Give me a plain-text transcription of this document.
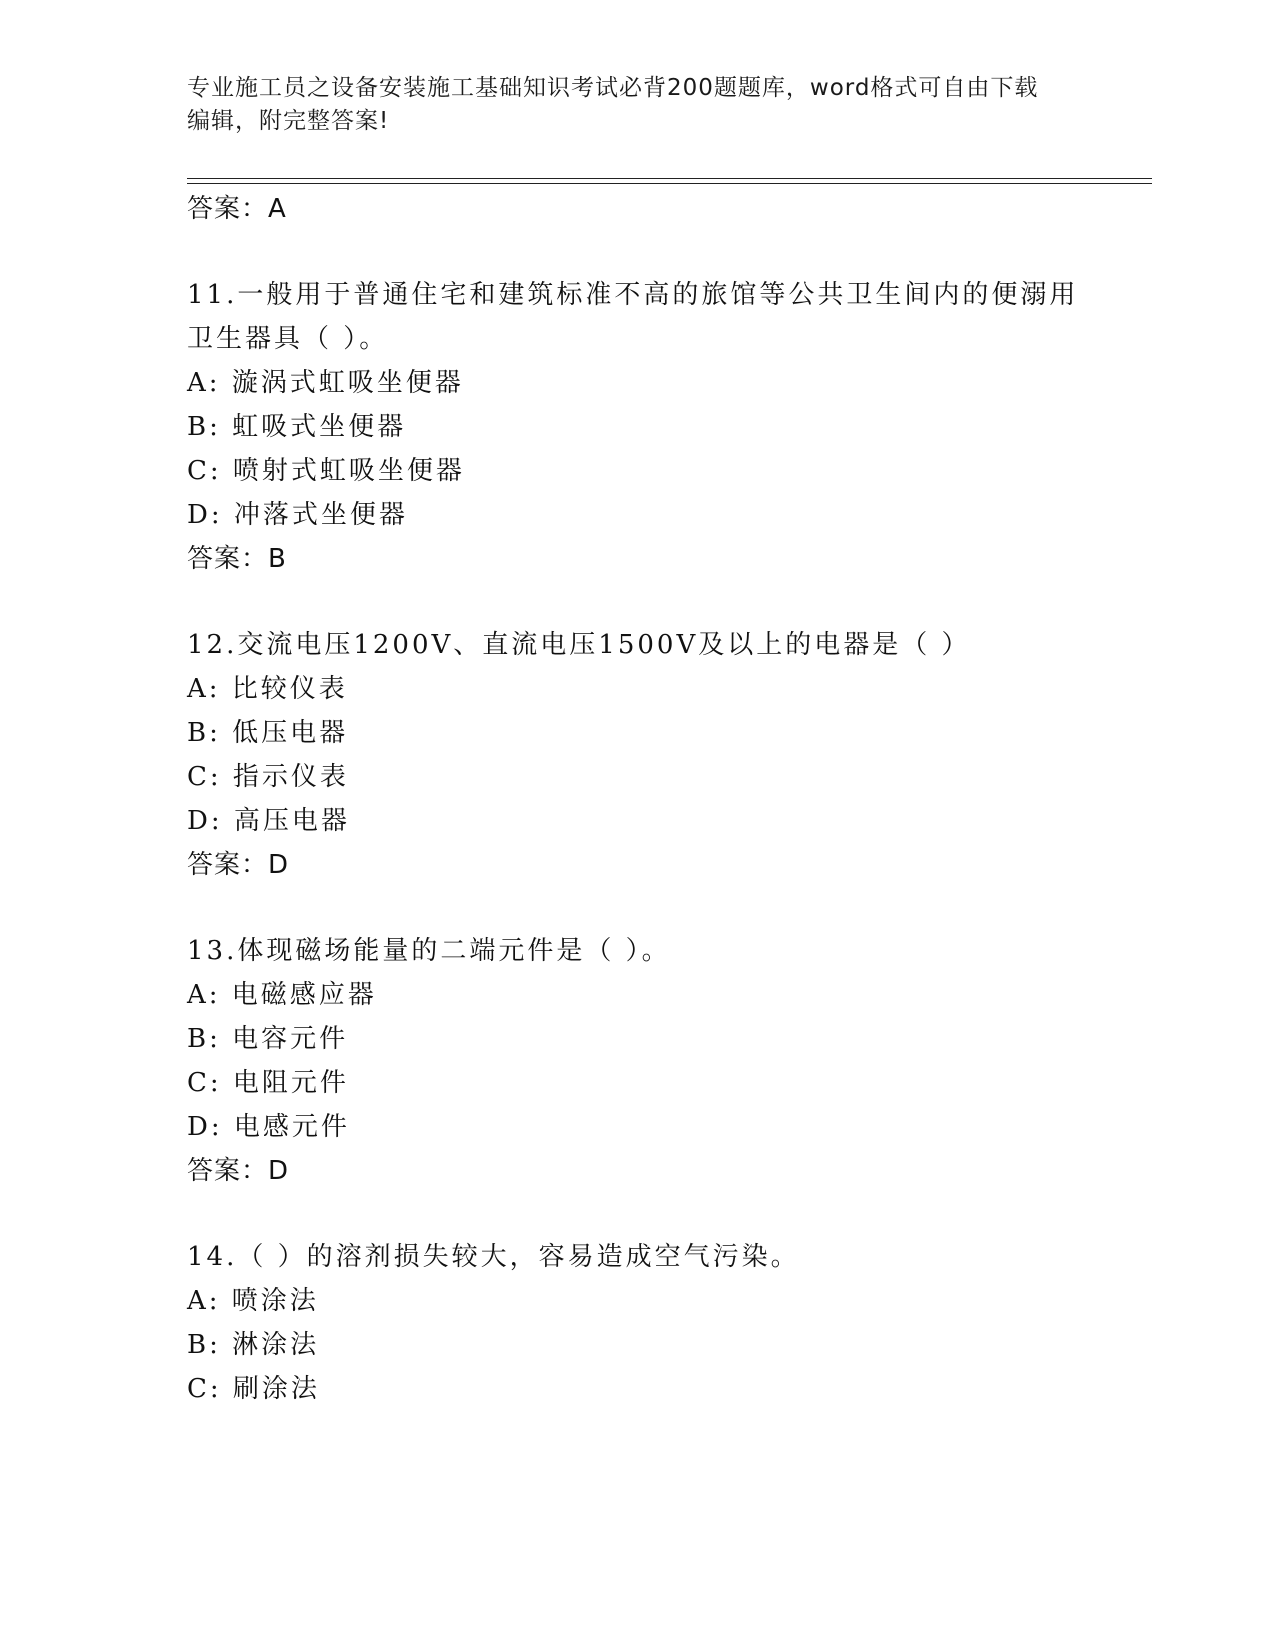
专业施工员之设备安装施工基础知识考试必背200题题库，word格式可自由下载
编辑，附完整答案!
答案：A
11.一般用于普通住宅和建筑标准不高的旅馆等公共卫生间内的便溺用
卫生器具（ ）。
A: 漩涡式虹吸坐便器
B: 虹吸式坐便器
C: 喷射式虹吸坐便器
D: 冲落式坐便器
答案：B
12.交流电压1200V、直流电压1500V及以上的电器是（ ）
A: 比较仪表
B: 低压电器
C: 指示仪表
D: 高压电器
答案：D
13.体现磁场能量的二端元件是（ ）。
A: 电磁感应器
B: 电容元件
C: 电阻元件
D: 电感元件
答案：D
14.（ ）的溶剂损失较大，容易造成空气污染。
A: 喷涂法
B: 淋涂法
C: 刷涂法
